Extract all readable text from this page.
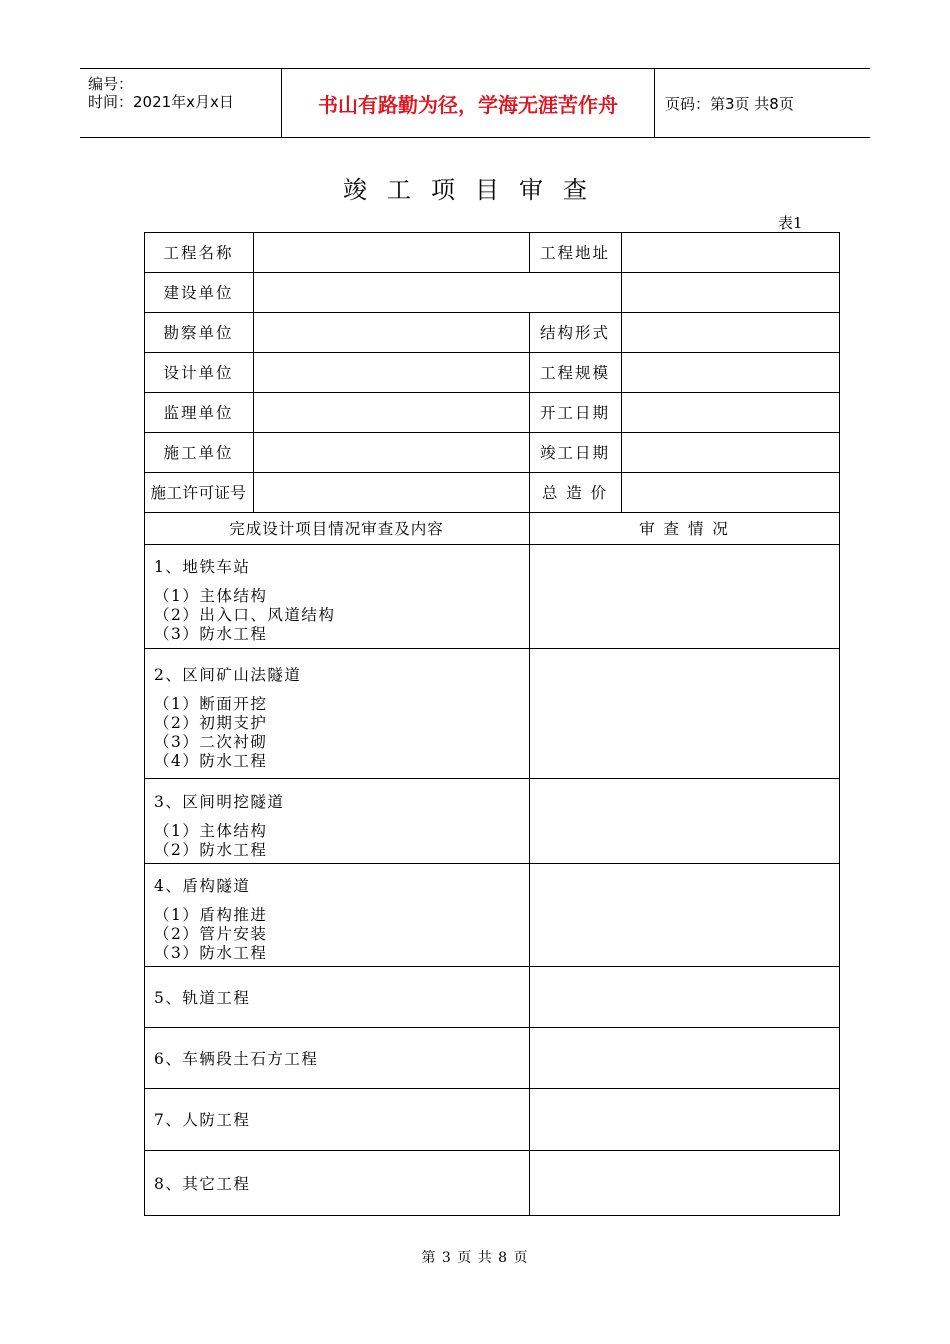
编号：
时间：2021年x月x日	书山有路勤为径，学海无涯苦作舟	页码：第3页 共8页
竣工项目审查
表1
工程名称	工程地址
建设单位
勘察单位	结构形式
设计单位	工程规模
监理单位	开工日期
施工单位	竣工日期
施工许可证号	总 造 价
完成设计项目情况审查及内容	审 查 情 况
1、地铁车站
（1）主体结构
（2）出入口、风道结构
（3）防水工程
2、区间矿山法隧道
（1）断面开挖
（2）初期支护
（3）二次衬砌
（4）防水工程
3、区间明挖隧道
（1）主体结构
（2）防水工程
4、盾构隧道
（1）盾构推进
（2）管片安装
（3）防水工程
5、轨道工程
6、车辆段土石方工程
7、人防工程
8、其它工程
第 3 页 共 8 页
